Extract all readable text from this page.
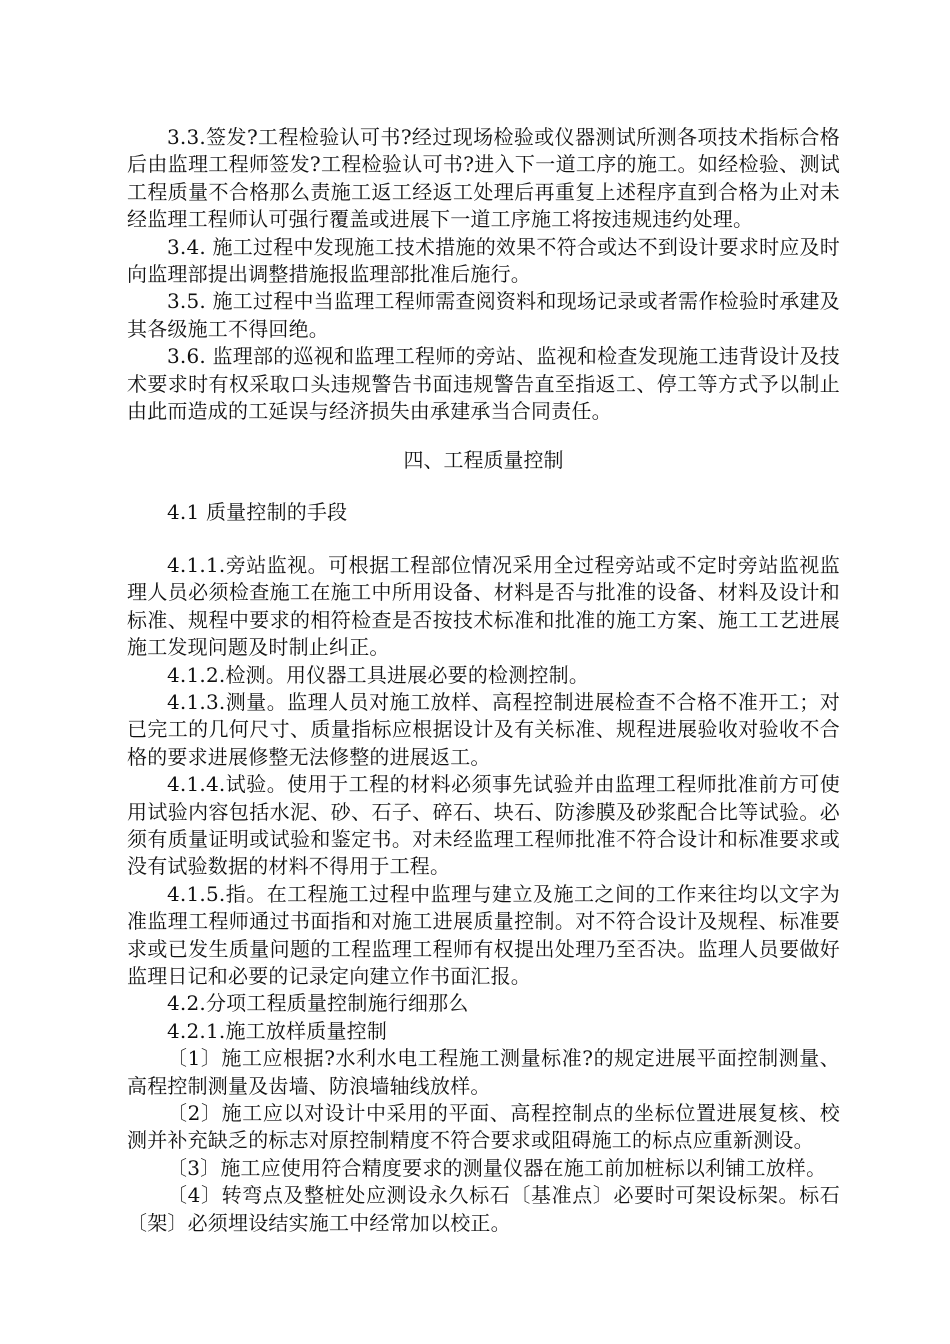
3.3.签发?工程检验认可书?经过现场检验或仪器测试所测各项技术指标合格后由监理工程师签发?工程检验认可书?进入下一道工序的施工。如经检验、测试工程质量不合格那么责施工返工经返工处理后再重复上述程序直到合格为止对未经监理工程师认可强行覆盖或进展下一道工序施工将按违规违约处理。

3.4. 施工过程中发现施工技术措施的效果不符合或达不到设计要求时应及时向监理部提出调整措施报监理部批准后施行。

3.5. 施工过程中当监理工程师需查阅资料和现场记录或者需作检验时承建及其各级施工不得回绝。

3.6. 监理部的巡视和监理工程师的旁站、监视和检查发现施工违背设计及技术要求时有权采取口头违规警告书面违规警告直至指返工、停工等方式予以制止由此而造成的工延误与经济损失由承建承当合同责任。

四、工程质量控制

4.1 质量控制的手段

4.1.1.旁站监视。可根据工程部位情况采用全过程旁站或不定时旁站监视监理人员必须检查施工在施工中所用设备、材料是否与批准的设备、材料及设计和标准、规程中要求的相符检查是否按技术标准和批准的施工方案、施工工艺进展施工发现问题及时制止纠正。

4.1.2.检测。用仪器工具进展必要的检测控制。

4.1.3.测量。监理人员对施工放样、高程控制进展检查不合格不准开工；对已完工的几何尺寸、质量指标应根据设计及有关标准、规程进展验收对验收不合格的要求进展修整无法修整的进展返工。

4.1.4.试验。使用于工程的材料必须事先试验并由监理工程师批准前方可使用试验内容包括水泥、砂、石子、碎石、块石、防渗膜及砂浆配合比等试验。必须有质量证明或试验和鉴定书。对未经监理工程师批准不符合设计和标准要求或没有试验数据的材料不得用于工程。

4.1.5.指。在工程施工过程中监理与建立及施工之间的工作来往均以文字为准监理工程师通过书面指和对施工进展质量控制。对不符合设计及规程、标准要求或已发生质量问题的工程监理工程师有权提出处理乃至否决。监理人员要做好监理日记和必要的记录定向建立作书面汇报。

4.2.分项工程质量控制施行细那么

4.2.1.施工放样质量控制

〔1〕施工应根据?水利水电工程施工测量标准?的规定进展平面控制测量、高程控制测量及齿墙、防浪墙轴线放样。

〔2〕施工应以对设计中采用的平面、高程控制点的坐标位置进展复核、校测并补充缺乏的标志对原控制精度不符合要求或阻碍施工的标点应重新测设。

〔3〕施工应使用符合精度要求的测量仪器在施工前加桩标以利铺工放样。

〔4〕转弯点及整桩处应测设永久标石〔基准点〕必要时可架设标架。标石〔架〕必须埋设结实施工中经常加以校正。
